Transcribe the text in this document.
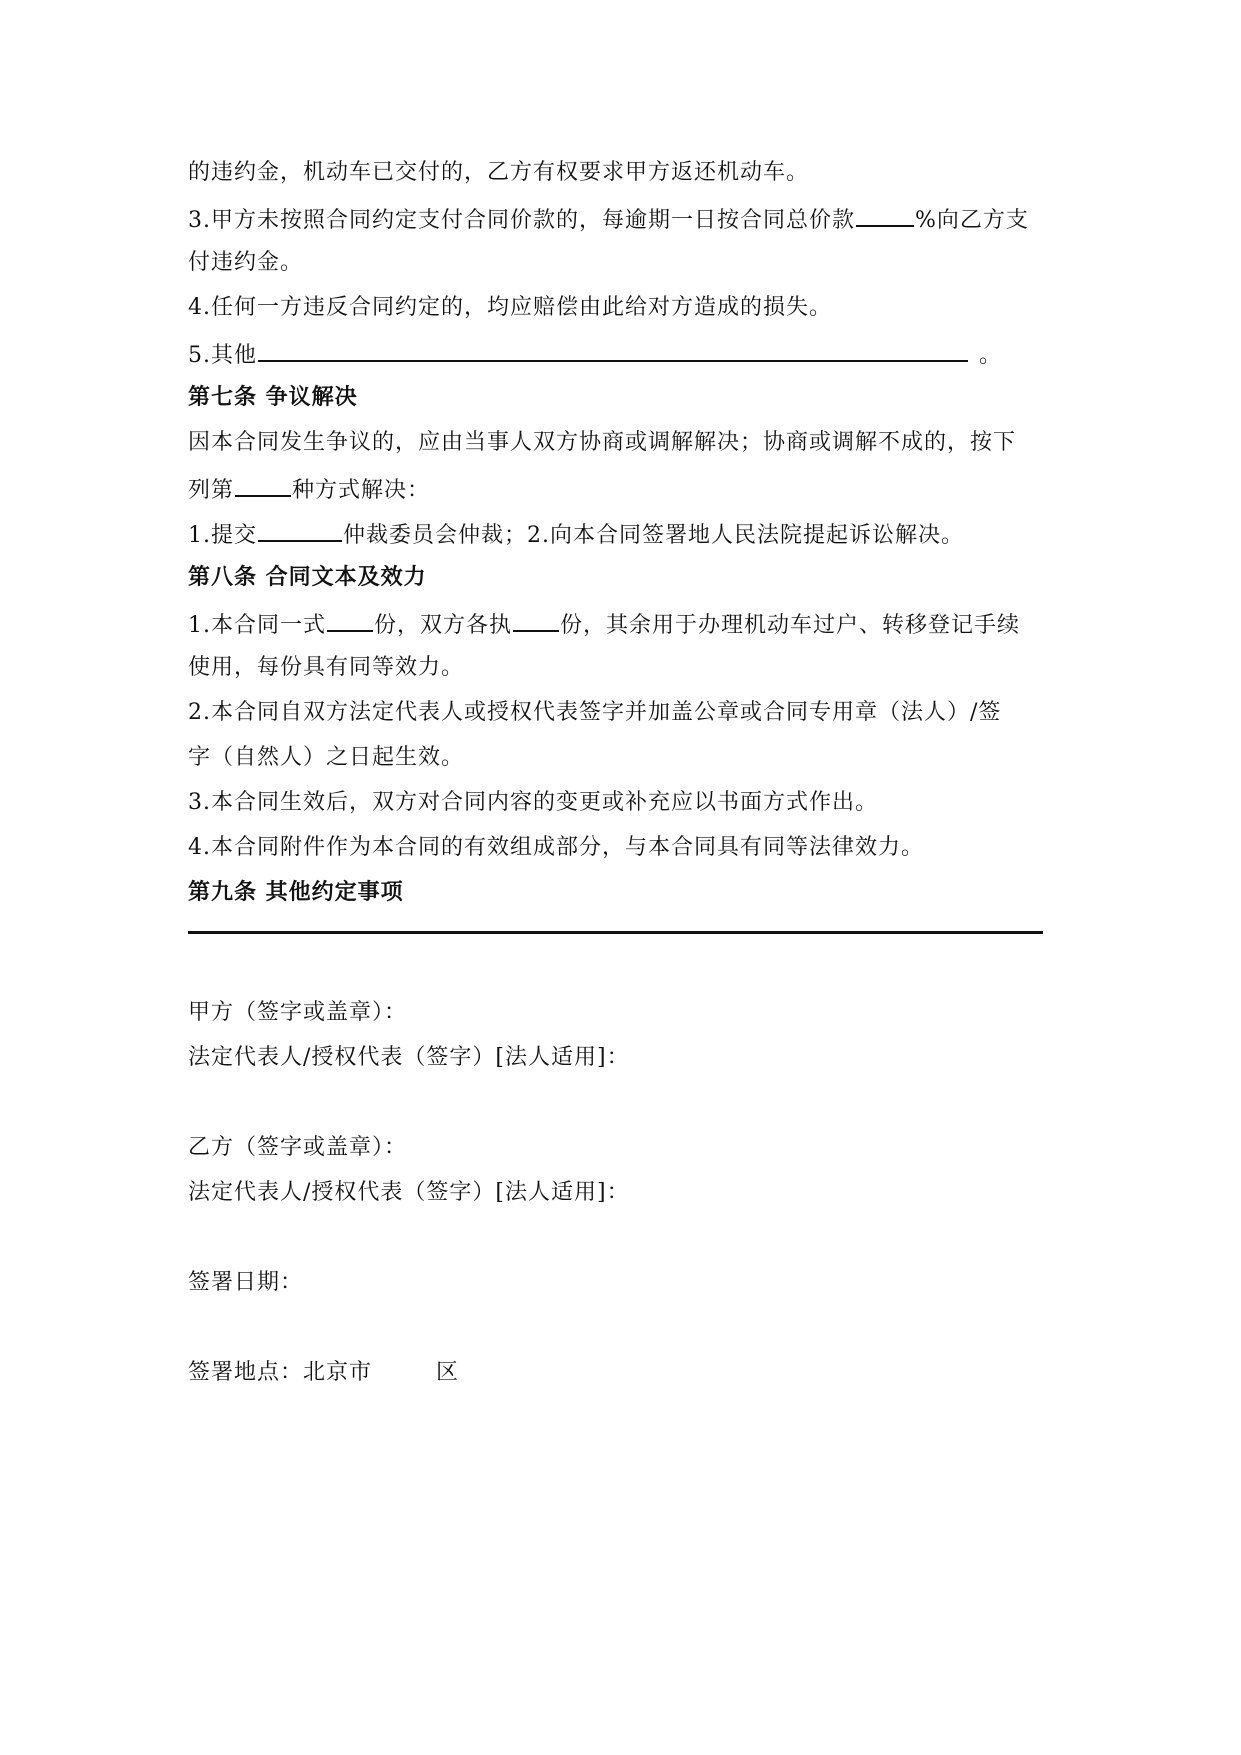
的违约金，机动车已交付的，乙方有权要求甲方返还机动车。
3.甲方未按照合同约定支付合同价款的，每逾期一日按合同总价款	%向乙方支
付违约金。
4.任何一方违反合同约定的，均应赔偿由此给对方造成的损失。
5.其他	。
第七条 争议解决
因本合同发生争议的，应由当事人双方协商或调解解决；协商或调解不成的，按下
列第	种方式解决：
1.提交	仲裁委员会仲裁；2.向本合同签署地人民法院提起诉讼解决。
第八条 合同文本及效力
1.本合同一式 份，双方各执 份，其余用于办理机动车过户、转移登记手续
使用，每份具有同等效力。
2.本合同自双方法定代表人或授权代表签字并加盖公章或合同专用章（法人）/签
字（自然人）之日起生效。
3.本合同生效后，双方对合同内容的变更或补充应以书面方式作出。
4.本合同附件作为本合同的有效组成部分，与本合同具有同等法律效力。
第九条 其他约定事项
甲方（签字或盖章）：
法定代表人/授权代表（签字）[法人适用]：
乙方（签字或盖章）：
法定代表人/授权代表（签字）[法人适用]：
签署日期：
签署地点：北京市	区
